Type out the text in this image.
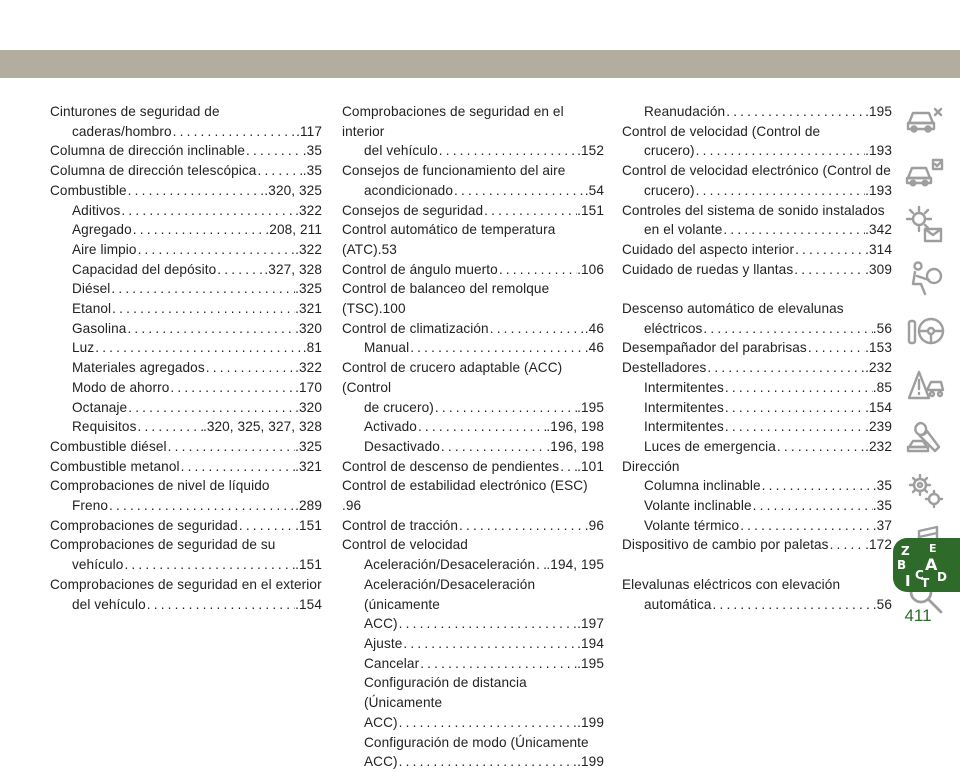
Cinturones de seguridad de
caderas/hombro .....	.117
Columna de dirección inclinable .....	.35
Columna de dirección telescópica .....	.35
Combustible .....	.320, 325
Aditivos .....	.322
Agregado .....	.208, 211
Aire limpio .....	.322
Capacidad del depósito .....	.327, 328
Diésel .....	.325
Etanol .....	.321
Gasolina .....	.320
Luz .....	.81
Materiales agregados .....	.322
Modo de ahorro .....	.170
Octanaje .....	.320
Requisitos .....	.320, 325, 327, 328
Combustible diésel .....	.325
Combustible metanol .....	.321
Comprobaciones de nivel de líquido
Freno .....	.289
Comprobaciones de seguridad .....	.151
Comprobaciones de seguridad de su
vehículo .....	.151
Comprobaciones de seguridad en el exterior
del vehículo .....	.154
Comprobaciones de seguridad en el interior
del vehículo .....	.152
Consejos de funcionamiento del aire
acondicionado .....	.54
Consejos de seguridad .....	.151
Control automático de temperatura (ATC).53
Control de ángulo muerto .....	.106
Control de balanceo del remolque (TSC).100
Control de climatización .....	.46
Manual .....	.46
Control de crucero adaptable (ACC) (Control
de crucero) .....	.195
Activado .....	.196, 198
Desactivado .....	.196, 198
Control de descenso de pendientes ..... .101
Control de estabilidad electrónico (ESC) .96
Control de tracción .....	.96
Control de velocidad
Aceleración/Desaceleración ..... .194, 195
Aceleración/Desaceleración (únicamente
ACC) .....	.197
Ajuste .....	.194
Cancelar .....	.195
Configuración de distancia (Únicamente
ACC) .....	.199
Configuración de modo (Únicamente
ACC) .....	.199
Reanudación .....	.195
Control de velocidad (Control de
crucero) .....	.193
Control de velocidad electrónico (Control de
crucero) .....	.193
Controles del sistema de sonido instalados
en el volante .....	.342
Cuidado del aspecto interior .....	.314
Cuidado de ruedas y llantas .....	.309
Descenso automático de elevalunas
eléctricos .....	.56
Desempañador del parabrisas .....	.153
Destelladores .....	.232
Intermitentes .....	.85
Intermitentes .....	.154
Intermitentes .....	.239
Luces de emergencia .....	.232
Dirección
Columna inclinable .....	.35
Volante inclinable .....	.35
Volante térmico .....	.37
Dispositivo de cambio por paletas .....	.172
Elevalunas eléctricos con elevación
automática .....	.56
Z E
B A
I C
T D
411
